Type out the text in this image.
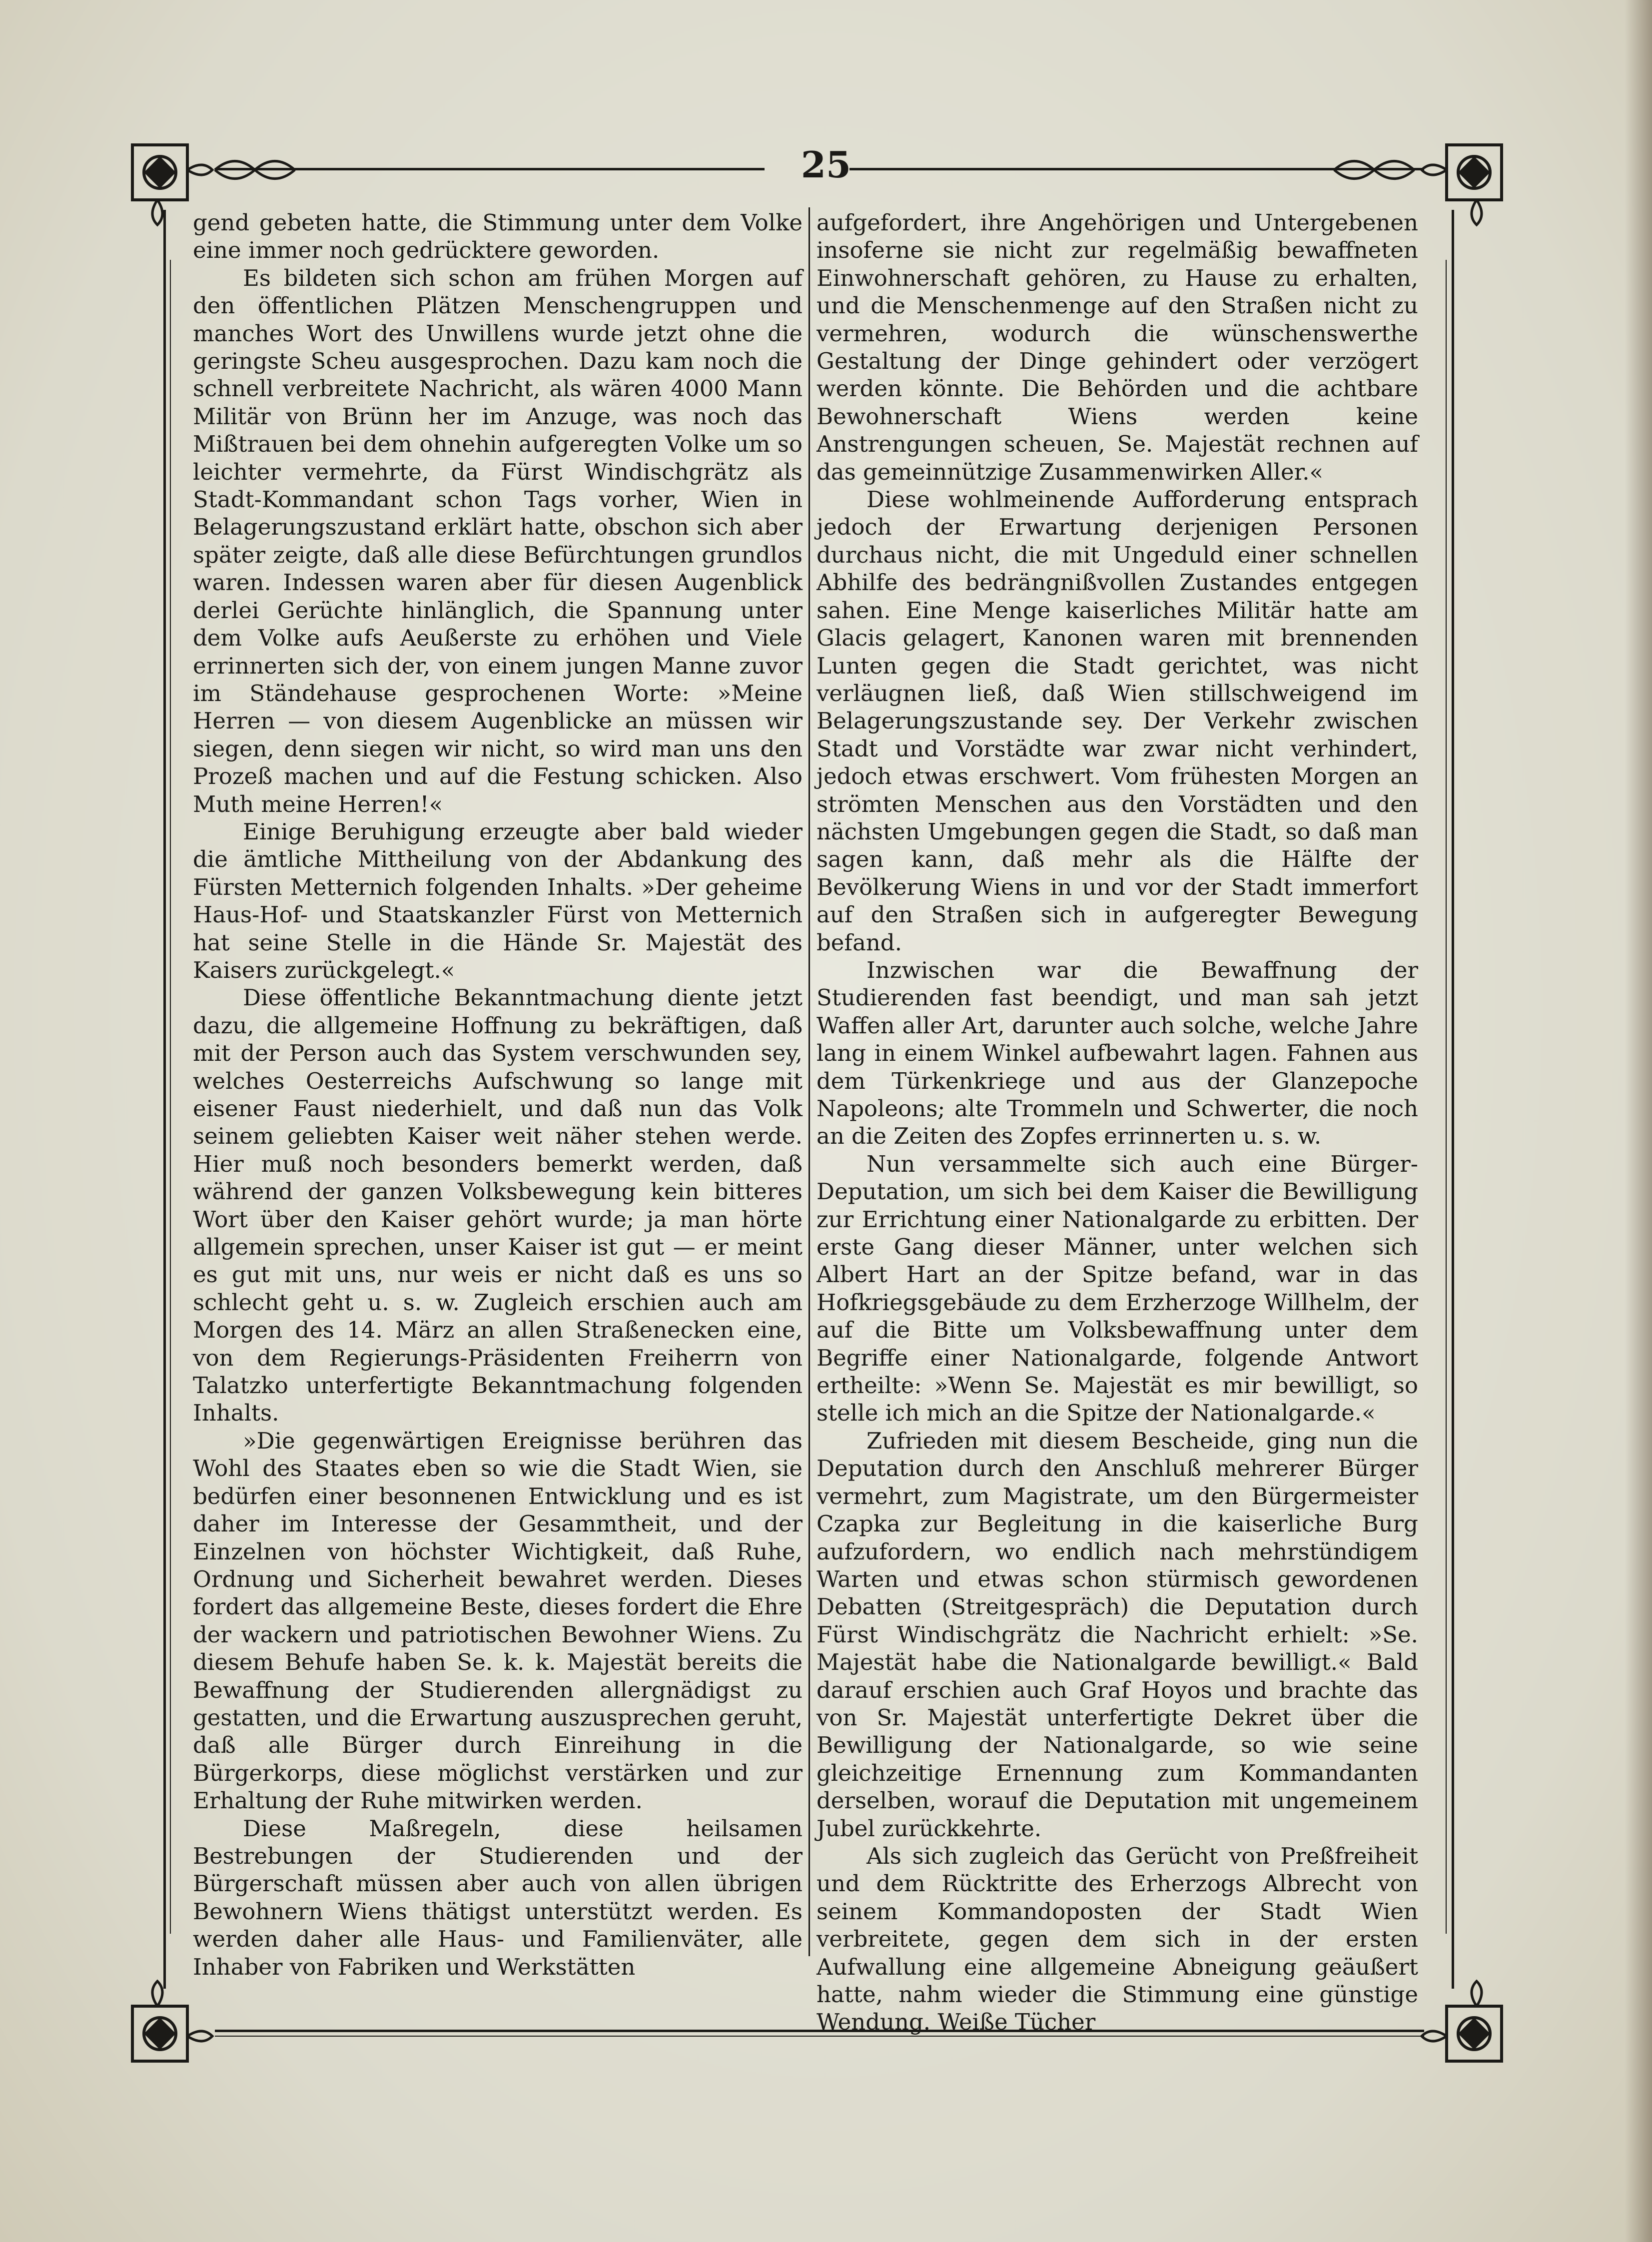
25

gend gebeten hatte, die Stimmung unter dem Volke eine immer noch gedrücktere geworden.

Es bildeten sich schon am frühen Morgen auf den öffentlichen Plätzen Menschengruppen und manches Wort des Unwillens wurde jetzt ohne die geringste Scheu ausgesprochen. Dazu kam noch die schnell verbreitete Nachricht, als wären 4000 Mann Militär von Brünn her im Anzuge, was noch das Mißtrauen bei dem ohnehin aufgeregten Volke um so leichter vermehrte, da Fürst Windischgrätz als Stadt-Kommandant schon Tags vorher, Wien in Belagerungszustand erklärt hatte, obschon sich aber später zeigte, daß alle diese Befürchtungen grundlos waren. Indessen waren aber für diesen Augenblick derlei Gerüchte hinlänglich, die Spannung unter dem Volke aufs Aeußerste zu erhöhen und Viele errinnerten sich der, von einem jungen Manne zuvor im Ständehause gesprochenen Worte: »Meine Herren — von diesem Augenblicke an müssen wir siegen, denn siegen wir nicht, so wird man uns den Prozeß machen und auf die Festung schicken. Also Muth meine Herren!«

Einige Beruhigung erzeugte aber bald wieder die ämtliche Mittheilung von der Abdankung des Fürsten Metternich folgenden Inhalts. »Der geheime Haus-Hof- und Staatskanzler Fürst von Metternich hat seine Stelle in die Hände Sr. Majestät des Kaisers zurückgelegt.«

Diese öffentliche Bekanntmachung diente jetzt dazu, die allgemeine Hoffnung zu bekräftigen, daß mit der Person auch das System verschwunden sey, welches Oesterreichs Aufschwung so lange mit eisener Faust niederhielt, und daß nun das Volk seinem geliebten Kaiser weit näher stehen werde. Hier muß noch besonders bemerkt werden, daß während der ganzen Volksbewegung kein bitteres Wort über den Kaiser gehört wurde; ja man hörte allgemein sprechen, unser Kaiser ist gut — er meint es gut mit uns, nur weis er nicht daß es uns so schlecht geht u. s. w. Zugleich erschien auch am Morgen des 14. März an allen Straßenecken eine, von dem Regierungs-Präsidenten Freiherrn von Talatzko unterfertigte Bekanntmachung folgenden Inhalts.

»Die gegenwärtigen Ereignisse berühren das Wohl des Staates eben so wie die Stadt Wien, sie bedürfen einer besonnenen Entwicklung und es ist daher im Interesse der Gesammtheit, und der Einzelnen von höchster Wichtigkeit, daß Ruhe, Ordnung und Sicherheit bewahret werden. Dieses fordert das allgemeine Beste, dieses fordert die Ehre der wackern und patriotischen Bewohner Wiens. Zu diesem Behufe haben Se. k. k. Majestät bereits die Bewaffnung der Studierenden allergnädigst zu gestatten, und die Erwartung auszusprechen geruht, daß alle Bürger durch Einreihung in die Bürgerkorps, diese möglichst verstärken und zur Erhaltung der Ruhe mitwirken werden.

Diese Maßregeln, diese heilsamen Bestrebungen der Studierenden und der Bürgerschaft müssen aber auch von allen übrigen Bewohnern Wiens thätigst unterstützt werden. Es werden daher alle Haus- und Familienväter, alle Inhaber von Fabriken und Werkstätten

aufgefordert, ihre Angehörigen und Untergebenen insoferne sie nicht zur regelmäßig bewaffneten Einwohnerschaft gehören, zu Hause zu erhalten, und die Menschenmenge auf den Straßen nicht zu vermehren, wodurch die wünschenswerthe Gestaltung der Dinge gehindert oder verzögert werden könnte. Die Behörden und die achtbare Bewohnerschaft Wiens werden keine Anstrengungen scheuen, Se. Majestät rechnen auf das gemeinnützige Zusammenwirken Aller.«

Diese wohlmeinende Aufforderung entsprach jedoch der Erwartung derjenigen Personen durchaus nicht, die mit Ungeduld einer schnellen Abhilfe des bedrängnißvollen Zustandes entgegen sahen. Eine Menge kaiserliches Militär hatte am Glacis gelagert, Kanonen waren mit brennenden Lunten gegen die Stadt gerichtet, was nicht verläugnen ließ, daß Wien stillschweigend im Belagerungszustande sey. Der Verkehr zwischen Stadt und Vorstädte war zwar nicht verhindert, jedoch etwas erschwert. Vom frühesten Morgen an strömten Menschen aus den Vorstädten und den nächsten Umgebungen gegen die Stadt, so daß man sagen kann, daß mehr als die Hälfte der Bevölkerung Wiens in und vor der Stadt immerfort auf den Straßen sich in aufgeregter Bewegung befand.

Inzwischen war die Bewaffnung der Studierenden fast beendigt, und man sah jetzt Waffen aller Art, darunter auch solche, welche Jahre lang in einem Winkel aufbewahrt lagen. Fahnen aus dem Türkenkriege und aus der Glanzepoche Napoleons; alte Trommeln und Schwerter, die noch an die Zeiten des Zopfes errinnerten u. s. w.

Nun versammelte sich auch eine Bürger-Deputation, um sich bei dem Kaiser die Bewilligung zur Errichtung einer Nationalgarde zu erbitten. Der erste Gang dieser Männer, unter welchen sich Albert Hart an der Spitze befand, war in das Hofkriegsgebäude zu dem Erzherzoge Willhelm, der auf die Bitte um Volksbewaffnung unter dem Begriffe einer Nationalgarde, folgende Antwort ertheilte: »Wenn Se. Majestät es mir bewilligt, so stelle ich mich an die Spitze der Nationalgarde.«

Zufrieden mit diesem Bescheide, ging nun die Deputation durch den Anschluß mehrerer Bürger vermehrt, zum Magistrate, um den Bürgermeister Czapka zur Begleitung in die kaiserliche Burg aufzufordern, wo endlich nach mehrstündigem Warten und etwas schon stürmisch gewordenen Debatten (Streitgespräch) die Deputation durch Fürst Windischgrätz die Nachricht erhielt: »Se. Majestät habe die Nationalgarde bewilligt.« Bald darauf erschien auch Graf Hoyos und brachte das von Sr. Majestät unterfertigte Dekret über die Bewilligung der Nationalgarde, so wie seine gleichzeitige Ernennung zum Kommandanten derselben, worauf die Deputation mit ungemeinem Jubel zurückkehrte.

Als sich zugleich das Gerücht von Preßfreiheit und dem Rücktritte des Erherzogs Albrecht von seinem Kommandoposten der Stadt Wien verbreitete, gegen dem sich in der ersten Aufwallung eine allgemeine Abneigung geäußert hatte, nahm wieder die Stimmung eine günstige Wendung. Weiße Tücher
